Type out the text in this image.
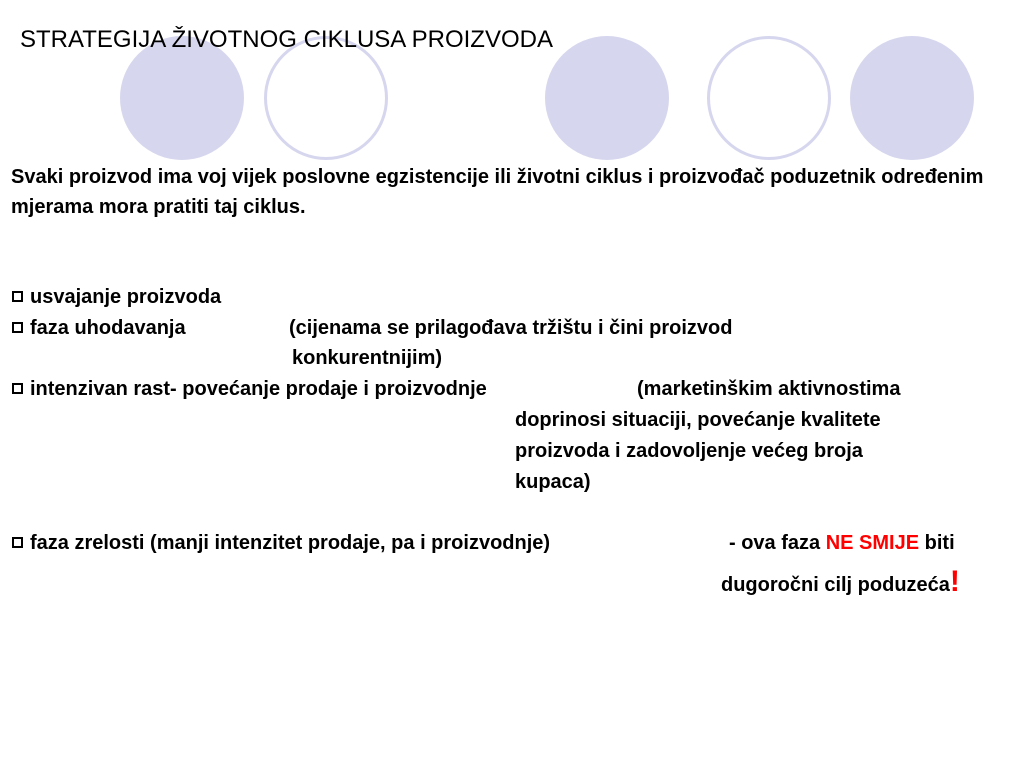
STRATEGIJA ŽIVOTNOG CIKLUSA PROIZVODA

Svaki proizvod ima voj vijek poslovne egzistencije ili životni ciklus i proizvođač poduzetnik određenim mjerama mora pratiti taj ciklus.

usvajanje proizvoda
faza uhodavanja	(cijenama se prilagođava tržištu i čini proizvod
konkurentnijim)
intenzivan rast- povećanje prodaje i proizvodnje	(marketinškim aktivnostima
doprinosi situaciji, povećanje kvalitete
proizvoda i zadovoljenje većeg broja
kupaca)
faza zrelosti (manji intenzitet prodaje, pa i proizvodnje)	- ova faza NE SMIJE biti
dugoročni cilj poduzeća!
